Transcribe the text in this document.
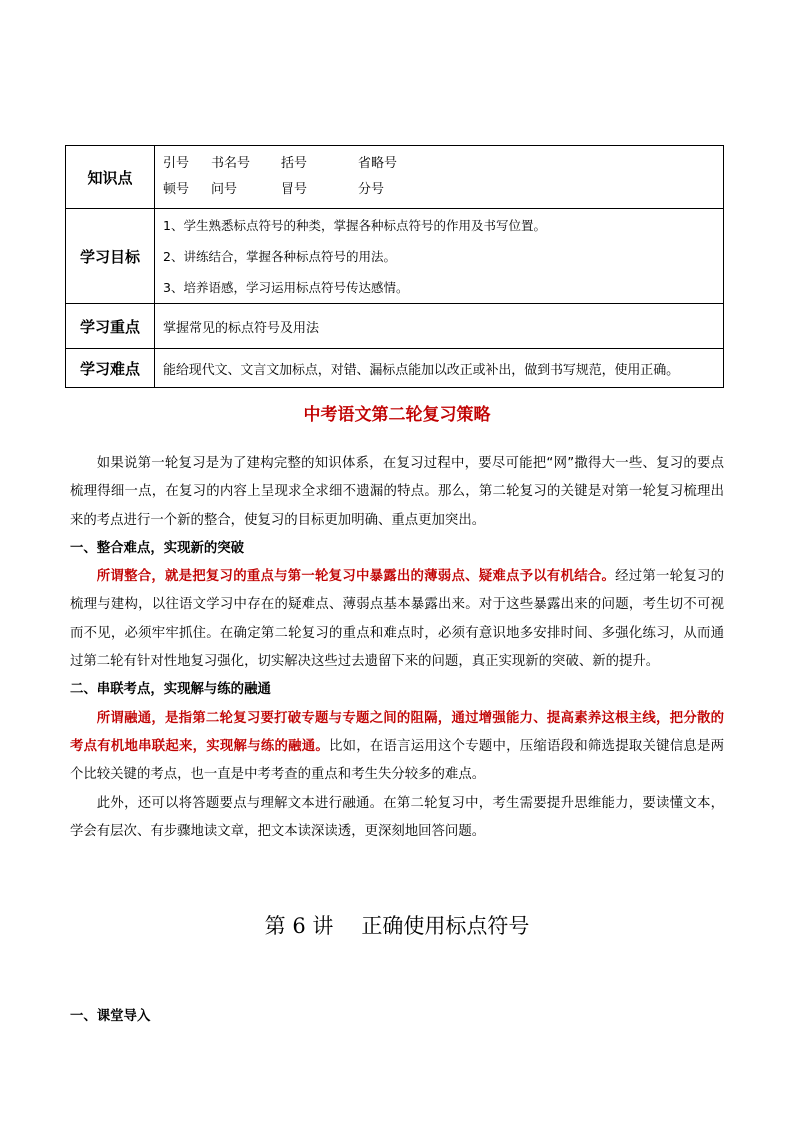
知识点	引号 书名号 括号 省略号
顿号 问号 冒号 分号

学习目标	1、学生熟悉标点符号的种类，掌握各种标点符号的作用及书写位置。
2、讲练结合，掌握各种标点符号的用法。
3、培养语感，学习运用标点符号传达感情。

学习重点	掌握常见的标点符号及用法
学习难点	能给现代文、文言文加标点，对错、漏标点能加以改正或补出，做到书写规范，使用正确。
中考语文第二轮复习策略

如果说第一轮复习是为了建构完整的知识体系，在复习过程中，要尽可能把“网”撒得大一些、复习的要点梳理得细一点，在复习的内容上呈现求全求细不遗漏的特点。那么，第二轮复习的关键是对第一轮复习梳理出来的考点进行一个新的整合，使复习的目标更加明确、重点更加突出。

一、整合难点，实现新的突破

所谓整合，就是把复习的重点与第一轮复习中暴露出的薄弱点、疑难点予以有机结合。经过第一轮复习的梳理与建构，以往语文学习中存在的疑难点、薄弱点基本暴露出来。对于这些暴露出来的问题，考生切不可视而不见，必须牢牢抓住。在确定第二轮复习的重点和难点时，必须有意识地多安排时间、多强化练习，从而通过第二轮有针对性地复习强化，切实解决这些过去遗留下来的问题，真正实现新的突破、新的提升。

二、串联考点，实现解与练的融通

所谓融通，是指第二轮复习要打破专题与专题之间的阻隔，通过增强能力、提高素养这根主线，把分散的考点有机地串联起来，实现解与练的融通。比如，在语言运用这个专题中，压缩语段和筛选提取关键信息是两个比较关键的考点，也一直是中考考查的重点和考生失分较多的难点。

此外，还可以将答题要点与理解文本进行融通。在第二轮复习中，考生需要提升思维能力，要读懂文本，学会有层次、有步骤地读文章，把文本读深读透，更深刻地回答问题。

第 6 讲 正确使用标点符号
一、课堂导入
